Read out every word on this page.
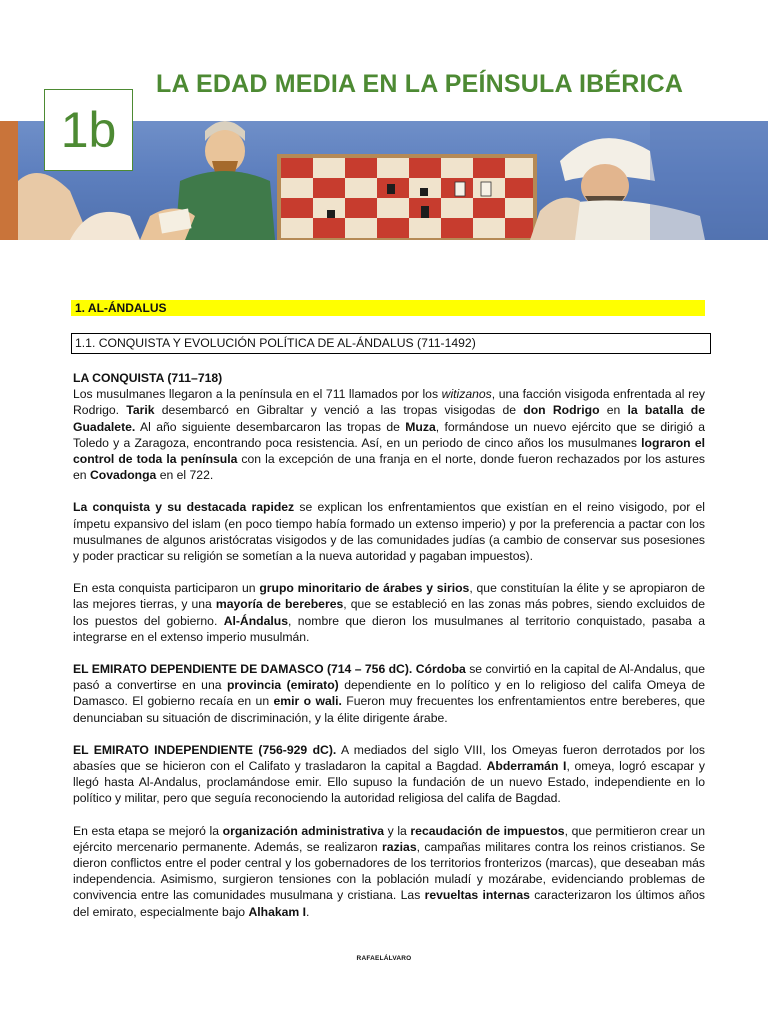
LA EDAD MEDIA EN LA PEÍNSULA IBÉRICA
1b
1. AL-ÁNDALUS
1.1. CONQUISTA Y EVOLUCIÓN POLÍTICA DE AL-ÁNDALUS (711-1492)

LA CONQUISTA (711–718)
Los musulmanes llegaron a la península en el 711 llamados por los witizanos, una facción visigoda enfrentada al rey Rodrigo. Tarik desembarcó en Gibraltar y venció a las tropas visigodas de don Rodrigo en la batalla de Guadalete. Al año siguiente desembarcaron las tropas de Muza, formándose un nuevo ejército que se dirigió a Toledo y a Zaragoza, encontrando poca resistencia. Así, en un periodo de cinco años los musulmanes lograron el control de toda la península con la excepción de una franja en el norte, donde fueron rechazados por los astures en Covadonga en el 722.

La conquista y su destacada rapidez se explican los enfrentamientos que existían en el reino visigodo, por el ímpetu expansivo del islam (en poco tiempo había formado un extenso imperio) y por la preferencia a pactar con los musulmanes de algunos aristócratas visigodos y de las comunidades judías (a cambio de conservar sus posesiones y poder practicar su religión se sometían a la nueva autoridad y pagaban impuestos).

En esta conquista participaron un grupo minoritario de árabes y sirios, que constituían la élite y se apropiaron de las mejores tierras, y una mayoría de bereberes, que se estableció en las zonas más pobres, siendo excluidos de los puestos del gobierno. Al-Ándalus, nombre que dieron los musulmanes al territorio conquistado, pasaba a integrarse en el extenso imperio musulmán.

EL EMIRATO DEPENDIENTE DE DAMASCO (714 – 756 dC). Córdoba se convirtió en la capital de Al-Andalus, que pasó a convertirse en una provincia (emirato) dependiente en lo político y en lo religioso del califa Omeya de Damasco. El gobierno recaía en un emir o wali. Fueron muy frecuentes los enfrentamientos entre bereberes, que denunciaban su situación de discriminación, y la élite dirigente árabe.

EL EMIRATO INDEPENDIENTE (756-929 dC). A mediados del siglo VIII, los Omeyas fueron derrotados por los abasíes que se hicieron con el Califato y trasladaron la capital a Bagdad. Abderramán I, omeya, logró escapar y llegó hasta Al-Andalus, proclamándose emir. Ello supuso la fundación de un nuevo Estado, independiente en lo político y militar, pero que seguía reconociendo la autoridad religiosa del califa de Bagdad.

En esta etapa se mejoró la organización administrativa y la recaudación de impuestos, que permitieron crear un ejército mercenario permanente. Además, se realizaron razias, campañas militares contra los reinos cristianos. Se dieron conflictos entre el poder central y los gobernadores de los territorios fronterizos (marcas), que deseaban más independencia. Asimismo, surgieron tensiones con la población muladí y mozárabe, evidenciando problemas de convivencia entre las comunidades musulmana y cristiana. Las revueltas internas caracterizaron los últimos años del emirato, especialmente bajo Alhakam I.

RAFAELÁLVARO
